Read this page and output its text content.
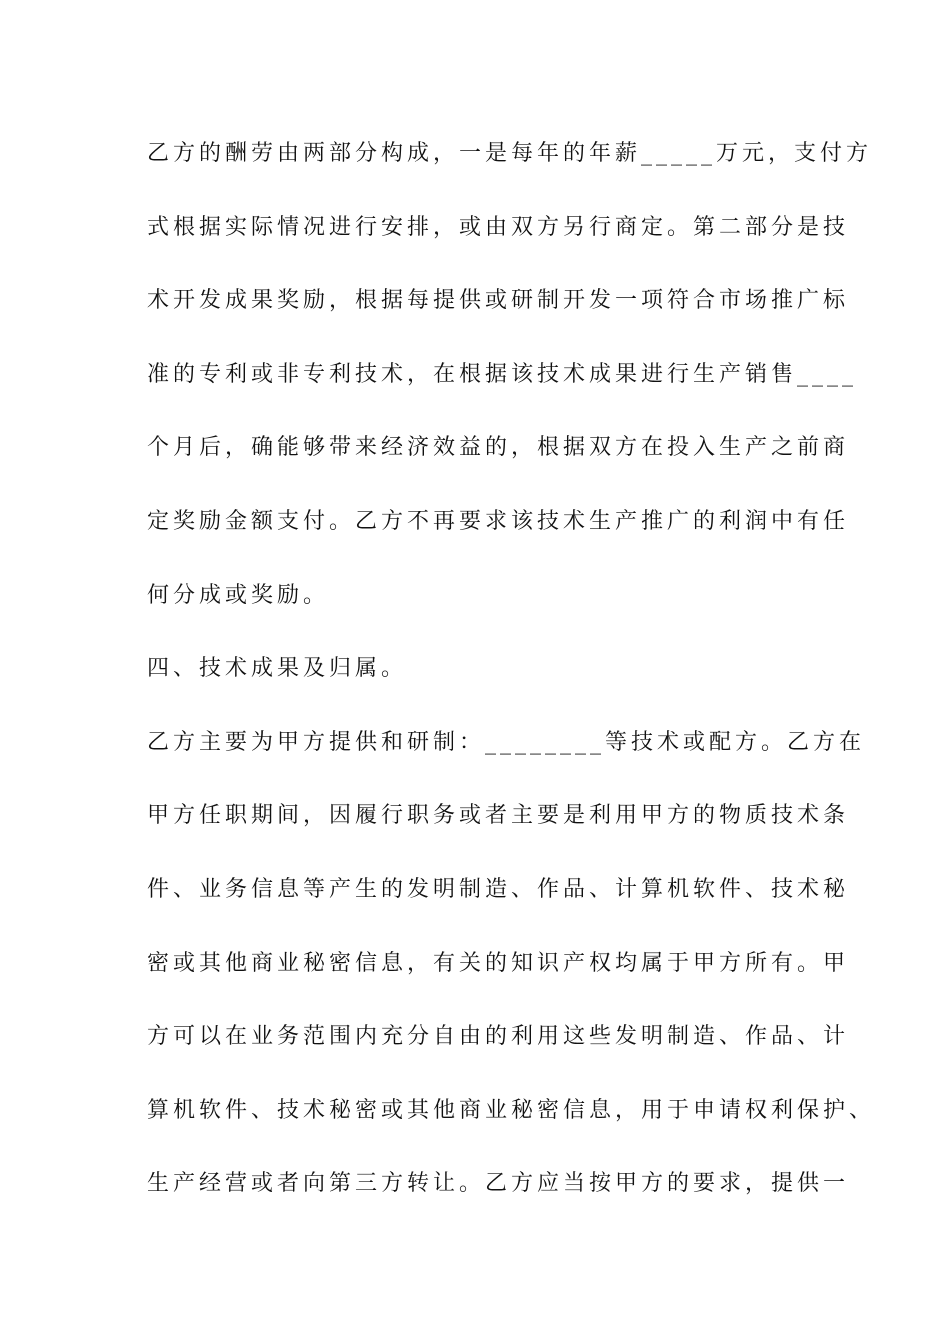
乙方的酬劳由两部分构成，一是每年的年薪_____万元，支付方
式根据实际情况进行安排，或由双方另行商定。第二部分是技
术开发成果奖励，根据每提供或研制开发一项符合市场推广标
准的专利或非专利技术，在根据该技术成果进行生产销售____
个月后，确能够带来经济效益的，根据双方在投入生产之前商
定奖励金额支付。乙方不再要求该技术生产推广的利润中有任
何分成或奖励。
四、技术成果及归属。
乙方主要为甲方提供和研制：________等技术或配方。乙方在
甲方任职期间，因履行职务或者主要是利用甲方的物质技术条
件、业务信息等产生的发明制造、作品、计算机软件、技术秘
密或其他商业秘密信息，有关的知识产权均属于甲方所有。甲
方可以在业务范围内充分自由的利用这些发明制造、作品、计
算机软件、技术秘密或其他商业秘密信息，用于申请权利保护、
生产经营或者向第三方转让。乙方应当按甲方的要求，提供一
